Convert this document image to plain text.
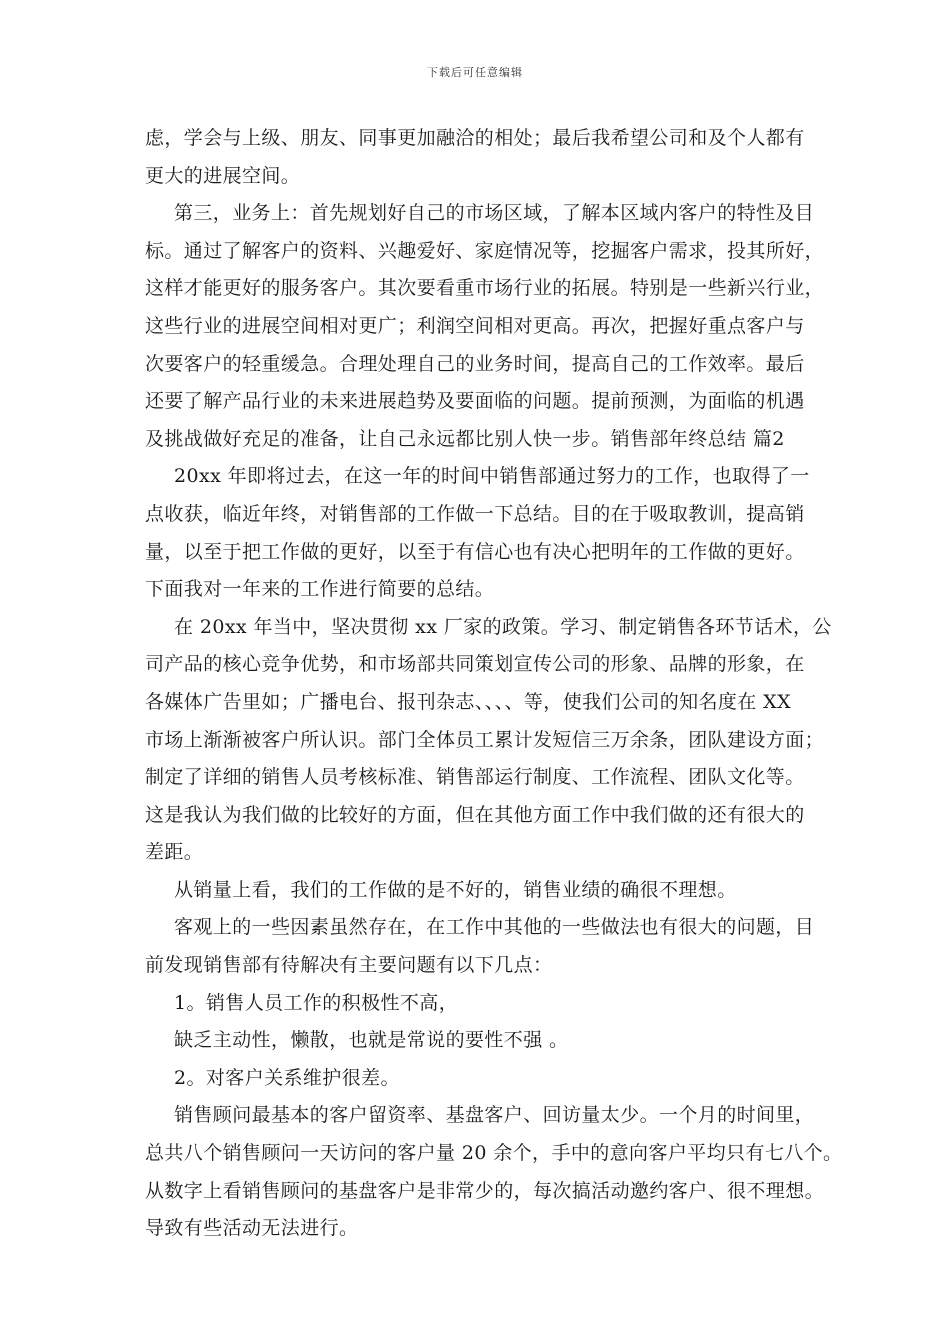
下载后可任意编辑
虑，学会与上级、朋友、同事更加融洽的相处；最后我希望公司和及个人都有
更大的进展空间。
第三，业务上：首先规划好自己的市场区域，了解本区域内客户的特性及目
标。通过了解客户的资料、兴趣爱好、家庭情况等，挖掘客户需求，投其所好，
这样才能更好的服务客户。其次要看重市场行业的拓展。特别是一些新兴行业，
这些行业的进展空间相对更广；利润空间相对更高。再次，把握好重点客户与
次要客户的轻重缓急。合理处理自己的业务时间，提高自己的工作效率。最后
还要了解产品行业的未来进展趋势及要面临的问题。提前预测，为面临的机遇
及挑战做好充足的准备，让自己永远都比别人快一步。销售部年终总结 篇2
20xx 年即将过去，在这一年的时间中销售部通过努力的工作，也取得了一
点收获，临近年终，对销售部的工作做一下总结。目的在于吸取教训，提高销
量，以至于把工作做的更好，以至于有信心也有决心把明年的工作做的更好。
下面我对一年来的工作进行简要的总结。
在 20xx 年当中，坚决贯彻 xx 厂家的政策。学习、制定销售各环节话术，公
司产品的核心竞争优势，和市场部共同策划宣传公司的形象、品牌的形象，在
各媒体广告里如；广播电台、报刊杂志、、、、等，使我们公司的知名度在 XX
市场上渐渐被客户所认识。部门全体员工累计发短信三万余条，团队建设方面；
制定了详细的销售人员考核标准、销售部运行制度、工作流程、团队文化等。
这是我认为我们做的比较好的方面，但在其他方面工作中我们做的还有很大的
差距。
从销量上看，我们的工作做的是不好的，销售业绩的确很不理想。
客观上的一些因素虽然存在，在工作中其他的一些做法也有很大的问题，目
前发现销售部有待解决有主要问题有以下几点：
1。销售人员工作的积极性不高，
缺乏主动性，懒散，也就是常说的要性不强 。
2。对客户关系维护很差。
销售顾问最基本的客户留资率、基盘客户、回访量太少。一个月的时间里，
总共八个销售顾问一天访问的客户量 20 余个，手中的意向客户平均只有七八个。
从数字上看销售顾问的基盘客户是非常少的，每次搞活动邀约客户、很不理想。
导致有些活动无法进行。
